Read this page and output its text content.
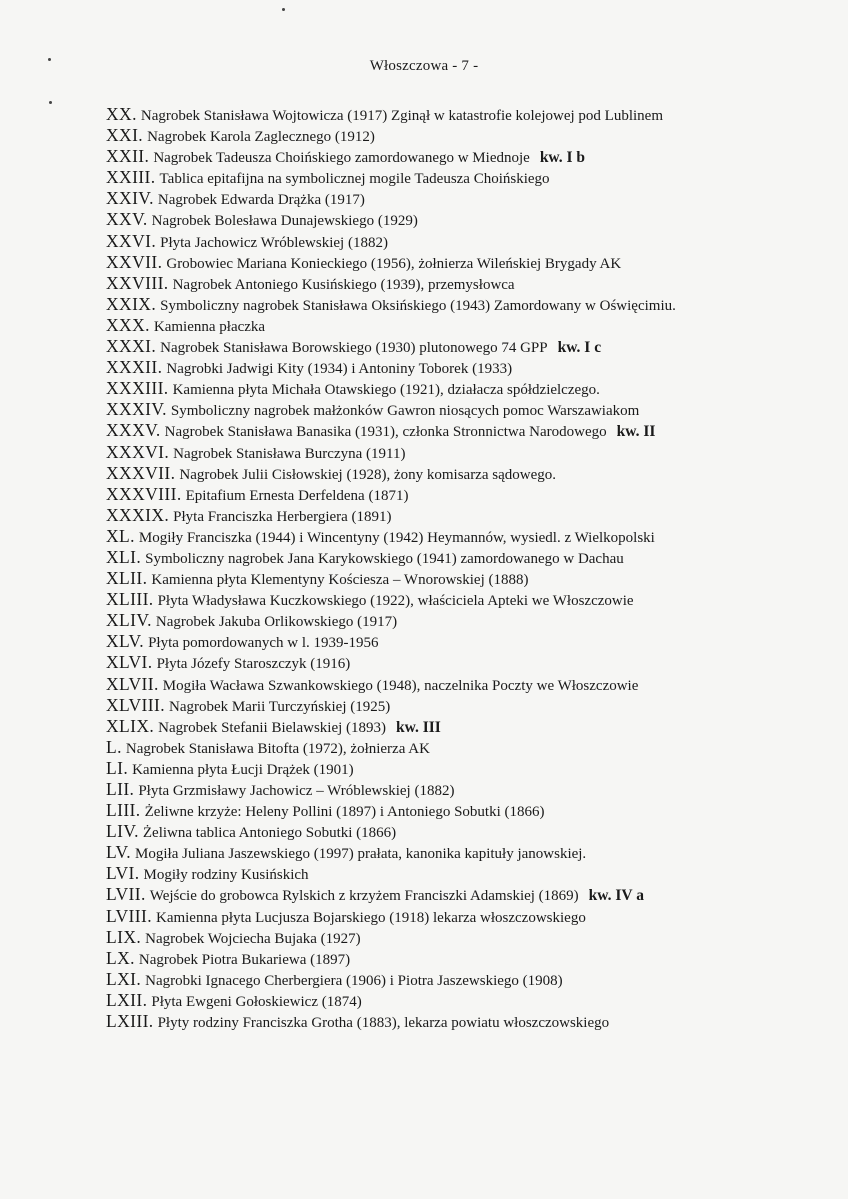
Włoszczowa - 7 -
XX. Nagrobek Stanisława Wojtowicza (1917) Zginął w katastrofie kolejowej pod Lublinem
XXI. Nagrobek Karola Zaglecznego (1912)
XXII. Nagrobek Tadeusza Choińskiego zamordowanego w Miednoje kw. I b
XXIII. Tablica epitafijna na symbolicznej mogile Tadeusza Choińskiego
XXIV. Nagrobek Edwarda Drążka (1917)
XXV. Nagrobek Bolesława Dunajewskiego (1929)
XXVI. Płyta Jachowicz Wróblewskiej (1882)
XXVII. Grobowiec Mariana Konieckiego (1956), żołnierza Wileńskiej Brygady AK
XXVIII. Nagrobek Antoniego Kusińskiego (1939), przemysłowca
XXIX. Symboliczny nagrobek Stanisława Oksińskiego (1943) Zamordowany w Oświęcimiu.
XXX. Kamienna płaczka
XXXI. Nagrobek Stanisława Borowskiego (1930) plutonowego 74 GPP kw. I c
XXXII. Nagrobki Jadwigi Kity (1934) i Antoniny Toborek (1933)
XXXIII. Kamienna płyta Michała Otawskiego (1921), działacza spółdzielczego.
XXXIV. Symboliczny nagrobek małżonków Gawron niosących pomoc Warszawiakom
XXXV. Nagrobek Stanisława Banasika (1931), członka Stronnictwa Narodowego kw. II
XXXVI. Nagrobek Stanisława Burczyna (1911)
XXXVII. Nagrobek Julii Cisłowskiej (1928), żony komisarza sądowego.
XXXVIII. Epitafium Ernesta Derfeldena (1871)
XXXIX. Płyta Franciszka Herbergiera (1891)
XL. Mogiły Franciszka (1944) i Wincentyny (1942) Heymannów, wysiedl. z Wielkopolski
XLI. Symboliczny nagrobek Jana Karykowskiego (1941) zamordowanego w Dachau
XLII. Kamienna płyta Klementyny Kościesza – Wnorowskiej (1888)
XLIII. Płyta Władysława Kuczkowskiego (1922), właściciela Apteki we Włoszczowie
XLIV. Nagrobek Jakuba Orlikowskiego (1917)
XLV. Płyta pomordowanych w l. 1939-1956
XLVI. Płyta Józefy Staroszczyk (1916)
XLVII. Mogiła Wacława Szwankowskiego (1948), naczelnika Poczty we Włoszczowie
XLVIII. Nagrobek Marii Turczyńskiej (1925)
XLIX. Nagrobek Stefanii Bielawskiej (1893) kw. III
L. Nagrobek Stanisława Bitofta (1972), żołnierza AK
LI. Kamienna płyta Łucji Drążek (1901)
LII. Płyta Grzmisławy Jachowicz – Wróblewskiej (1882)
LIII. Żeliwne krzyże: Heleny Pollini (1897) i Antoniego Sobutki (1866)
LIV. Żeliwna tablica Antoniego Sobutki (1866)
LV. Mogiła Juliana Jaszewskiego (1997) prałata, kanonika kapituły janowskiej.
LVI. Mogiły rodziny Kusińskich
LVII. Wejście do grobowca Rylskich z krzyżem Franciszki Adamskiej (1869) kw. IV a
LVIII. Kamienna płyta Lucjusza Bojarskiego (1918) lekarza włoszczowskiego
LIX. Nagrobek Wojciecha Bujaka (1927)
LX. Nagrobek Piotra Bukariewa (1897)
LXI. Nagrobki Ignacego Cherbergiera (1906) i Piotra Jaszewskiego (1908)
LXII. Płyta Ewgeni Gołoskiewicz (1874)
LXIII. Płyty rodziny Franciszka Grotha (1883), lekarza powiatu włoszczowskiego
